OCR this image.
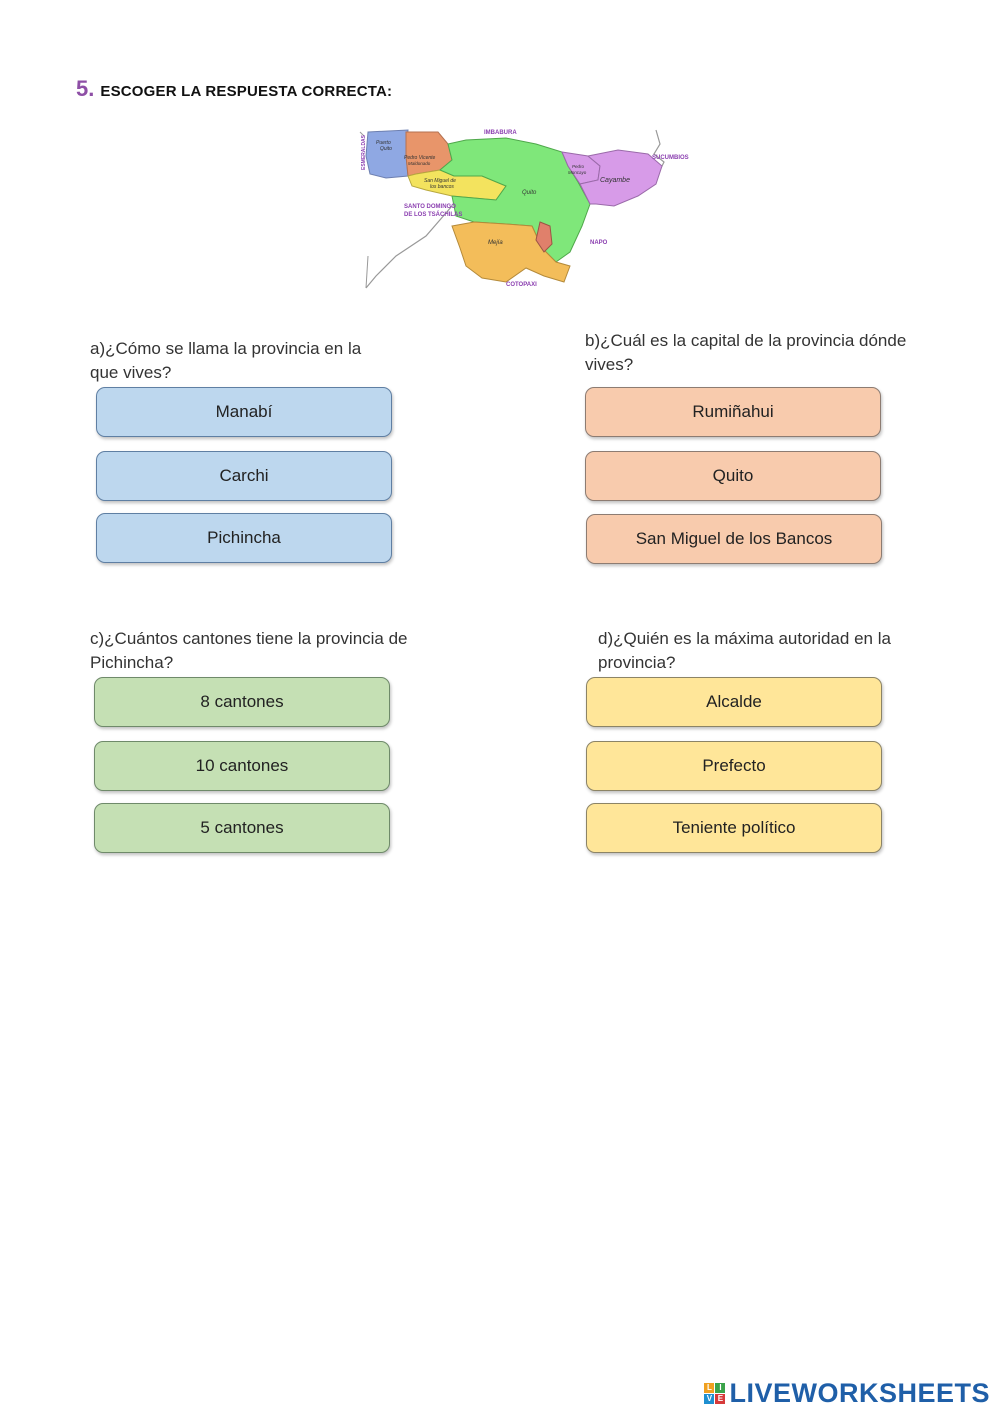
5. ESCOGER LA RESPUESTA CORRECTA:
IMBABURA
SUCUMBIOS
SANTO DOMINGO
DE LOS TSÁCHILAS
NAPO
COTOPAXI
ESMERALDAS Puerto
Quito
Pedro Vicente
Maldonado
San Miguel de
los bancos
Quito
Pedro
Moncayo
Cayambe
Mejía

a)¿Cómo se llama la provincia en la que vives?

Manabí
Carchi
Pichincha

b)¿Cuál es la capital de la provincia dónde vives?

Rumiñahui
Quito
San Miguel de los Bancos

c)¿Cuántos cantones tiene la provincia de Pichincha?

8 cantones
10 cantones
5 cantones

d)¿Quién es la máxima autoridad en la provincia?

Alcalde
Prefecto
Teniente político
L I
V E LIVEWORKSHEETS
